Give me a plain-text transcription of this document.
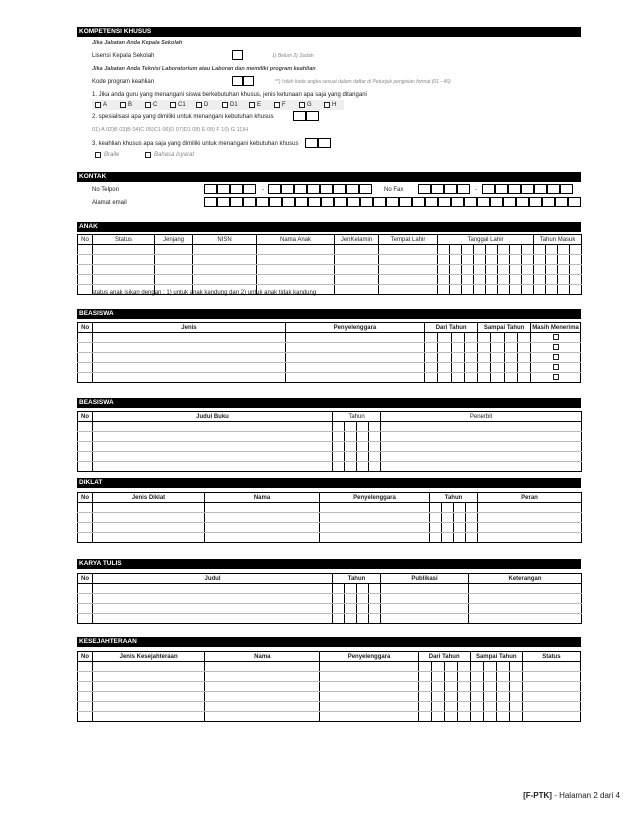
KOMPETENSI KHUSUS
Jika Jabatan Anda Kepala Sekolah
Lisensi Kepala Sekolah	1) Belum 2) Sudah
Jika Jabatan Anda Teknisi Laboratorium atau Laboran dan memiliki program keahlian
Kode program keahlian	**) Isilah kode angka sesuai dalam daftar di Petunjuk pengisian format (01 - 46)
1. Jika anda guru yang menangani siswa berkebutuhan khusus, jenis ketunaan apa saja yang ditangani
A	B	C	C1	D	D1	E	F	G	H
2. spesialisasi apa yang dimiliki untuk menangani kebutuhan khusus
01) A 02)B 03)B 04)C 05)C1 06)D 07)D1 08) E 09) F 10) G 11)H
3. keahlian khusus apa saja yang dimiliki untuk menangani kebutuhan khusus
Braile	Bahasa Isyarat
KONTAK
No Telpon	-	No Fax	-
Alamat email
ANAK
No	Status	Jenjang	NISN	Nama Anak	JenKelamin	Tempat Lahir	Tanggal Lahir								Tahun Masuk			

status anak isikan dengan : 1) untuk anak kandung dan 2) untuk anak tidak kandung
BEASISWA
No	Jenis	Penyelenggara	Dari Tahun				Sampai Tahun				Masih Menerima

BEASISWA
No	Judul Buku	Tahun				Penerbit

DIKLAT
No	Jenis Diklat	Nama	Penyelenggara	Tahun				Peran

KARYA TULIS
No	Judul	Tahun				Publikasi	Keterangan

KESEJAHTERAAN
No	Jenis Kesejahteraan	Nama	Penyelenggara	Dari Tahun				Sampai Tahun				Status

[F-PTK] - Halaman 2 dari 4
